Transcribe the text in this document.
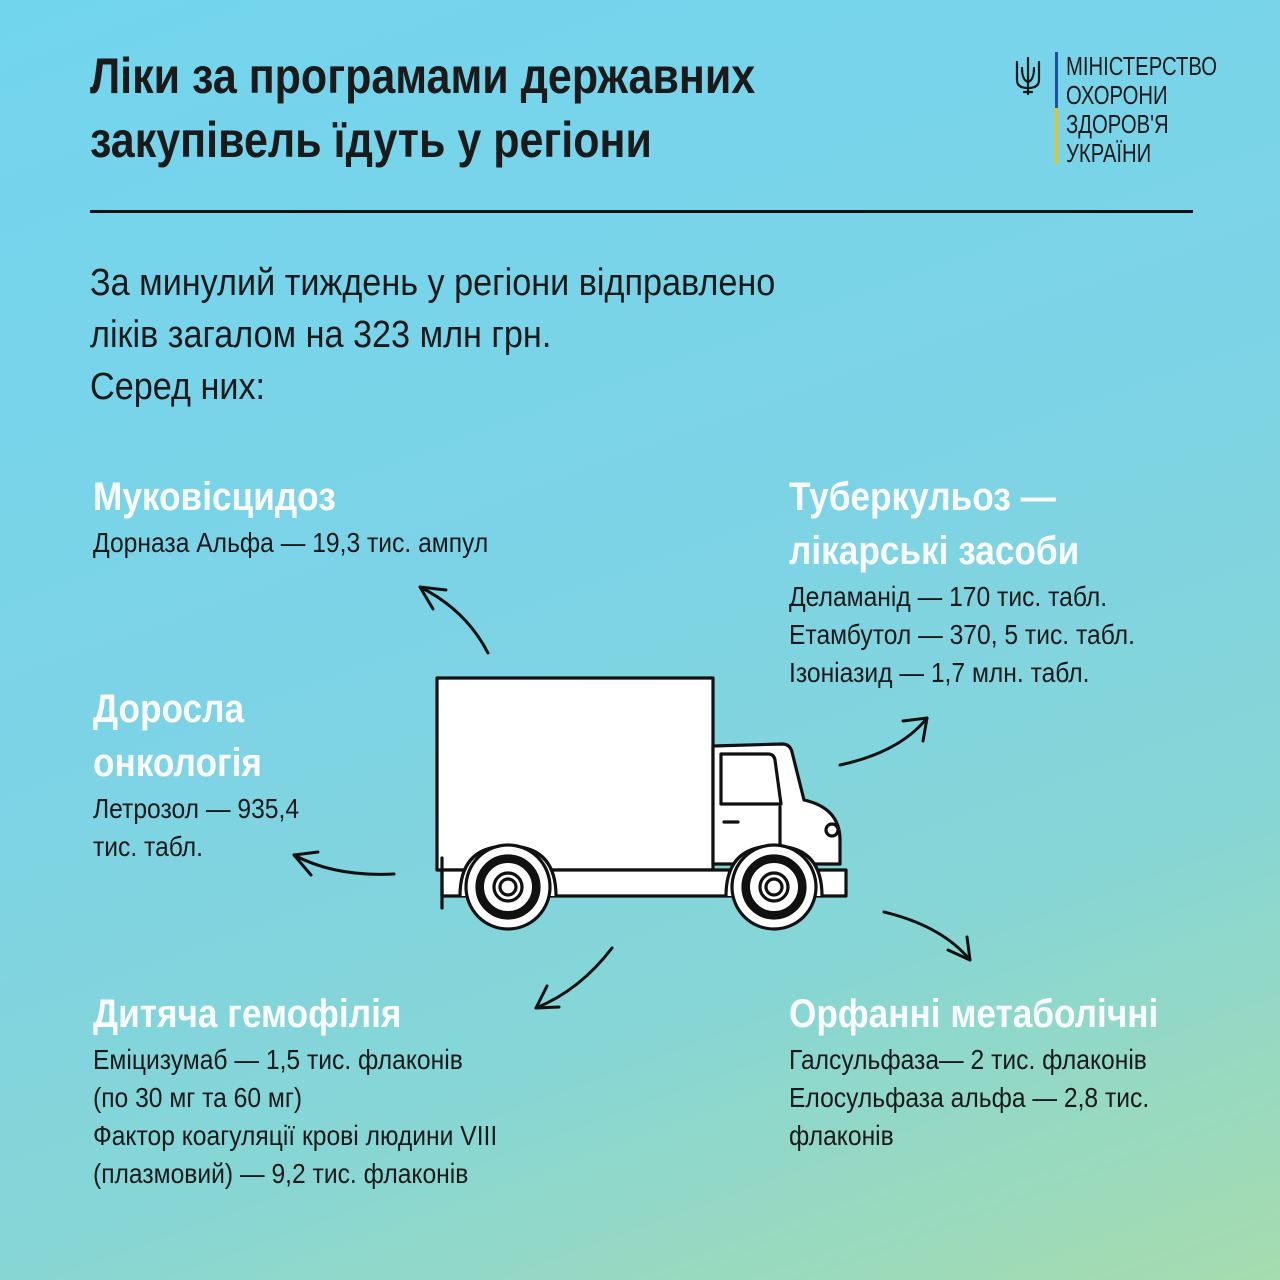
Ліки за програмами державних
закупівель їдуть у регіони
МІНІСТЕРСТВО
ОХОРОНИ
ЗДОРОВ'Я
УКРАЇНИ
За минулий тиждень у регіони відправлено
ліків загалом на 323 млн грн.
Серед них:
Муковісцидоз
Дорназа Альфа — 19,3 тис. ампул
Туберкульоз —
лікарські засоби
Деламанід — 170 тис. табл.
Етамбутол — 370, 5 тис. табл.
Ізоніазид — 1,7 млн. табл.
Доросла
онкологія
Летрозол — 935,4
тис. табл.
Дитяча гемофілія
Еміцизумаб — 1,5 тис. флаконів
(по 30 мг та 60 мг)
Фактор коагуляції крові людини VIII
(плазмовий) — 9,2 тис. флаконів
Орфанні метаболічні
Галсульфаза— 2 тис. флаконів
Елосульфаза альфа — 2,8 тис.
флаконів
